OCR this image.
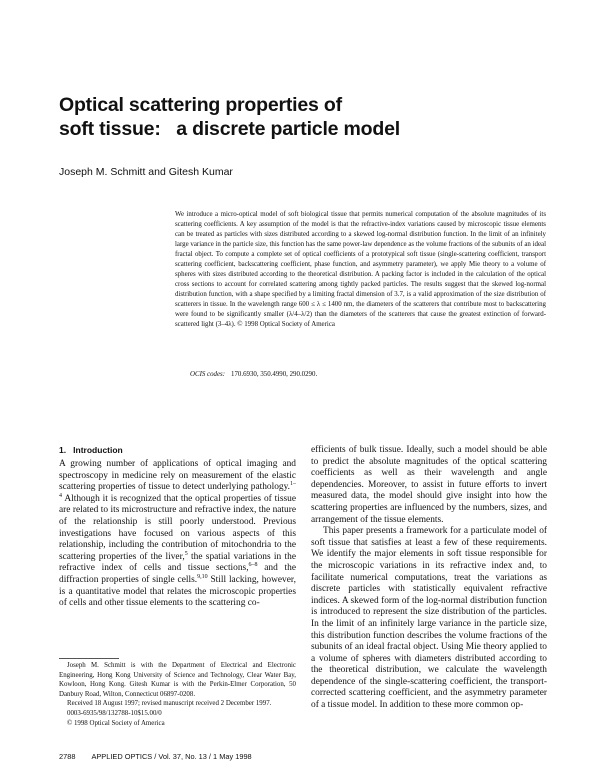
Optical scattering properties of
soft tissue:   a discrete particle model
Joseph M. Schmitt and Gitesh Kumar

We introduce a micro-optical model of soft biological tissue that permits numerical computation of the absolute magnitudes of its scattering coefficients. A key assumption of the model is that the refractive-index variations caused by microscopic tissue elements can be treated as particles with sizes distributed according to a skewed log-normal distribution function. In the limit of an infinitely large variance in the particle size, this function has the same power-law dependence as the volume fractions of the subunits of an ideal fractal object. To compute a complete set of optical coefficients of a prototypical soft tissue (single-scattering coefficient, transport scattering coefficient, backscattering coefficient, phase function, and asymmetry parameter), we apply Mie theory to a volume of spheres with sizes distributed according to the theoretical distribution. A packing factor is included in the calculation of the optical cross sections to account for correlated scattering among tightly packed particles. The results suggest that the skewed log-normal distribution function, with a shape specified by a limiting fractal dimension of 3.7, is a valid approximation of the size distribution of scatterers in tissue. In the wavelength range 600 ≤ λ ≤ 1400 nm, the diameters of the scatterers that contribute most to backscattering were found to be significantly smaller (λ/4–λ/2) than the diameters of the scatterers that cause the greatest extinction of forward-scattered light (3–4λ). © 1998 Optical Society of America

OCIS codes: 170.6930, 350.4990, 290.0290.
1.   Introduction

A growing number of applications of optical imaging and spectroscopy in medicine rely on measurement of the elastic scattering properties of tissue to detect underlying pathology.$^{1-4}$ Although it is recognized that the optical properties of tissue are related to its microstructure and refractive index, the nature of the relationship is still poorly understood. Previous investigations have focused on various aspects of this relationship, including the contribution of mitochondria to the scattering properties of the liver,$^5$ the spatial variations in the refractive index of cells and tissue sections,$^{6-8}$ and the diffraction properties of single cells.$^{9,10}$ Still lacking, however, is a quantitative model that relates the microscopic properties of cells and other tissue elements to the scattering co-

efficients of bulk tissue. Ideally, such a model should be able to predict the absolute magnitudes of the optical scattering coefficients as well as their wavelength and angle dependencies. Moreover, to assist in future efforts to invert measured data, the model should give insight into how the scattering properties are influenced by the numbers, sizes, and arrangement of the tissue elements.

This paper presents a framework for a particulate model of soft tissue that satisfies at least a few of these requirements. We identify the major elements in soft tissue responsible for the microscopic variations in its refractive index and, to facilitate numerical computations, treat the variations as discrete particles with statistically equivalent refractive indices. A skewed form of the log-normal distribution function is introduced to represent the size distribution of the particles. In the limit of an infinitely large variance in the particle size, this distribution function describes the volume fractions of the subunits of an ideal fractal object. Using Mie theory applied to a volume of spheres with diameters distributed according to the theoretical distribution, we calculate the wavelength dependence of the single-scattering coefficient, the transport-corrected scattering coefficient, and the asymmetry parameter of a tissue model. In addition to these more common op-

Joseph M. Schmitt is with the Department of Electrical and Electronic Engineering, Hong Kong University of Science and Technology, Clear Water Bay, Kowloon, Hong Kong. Gitesh Kumar is with the Perkin-Elmer Corporation, 50 Danbury Road, Wilton, Connecticut 06897-0208.

Received 18 August 1997; revised manuscript received 2 December 1997.

0003-6935/98/132788-10$15.00/0

© 1998 Optical Society of America

2788 APPLIED OPTICS / Vol. 37, No. 13 / 1 May 1998
